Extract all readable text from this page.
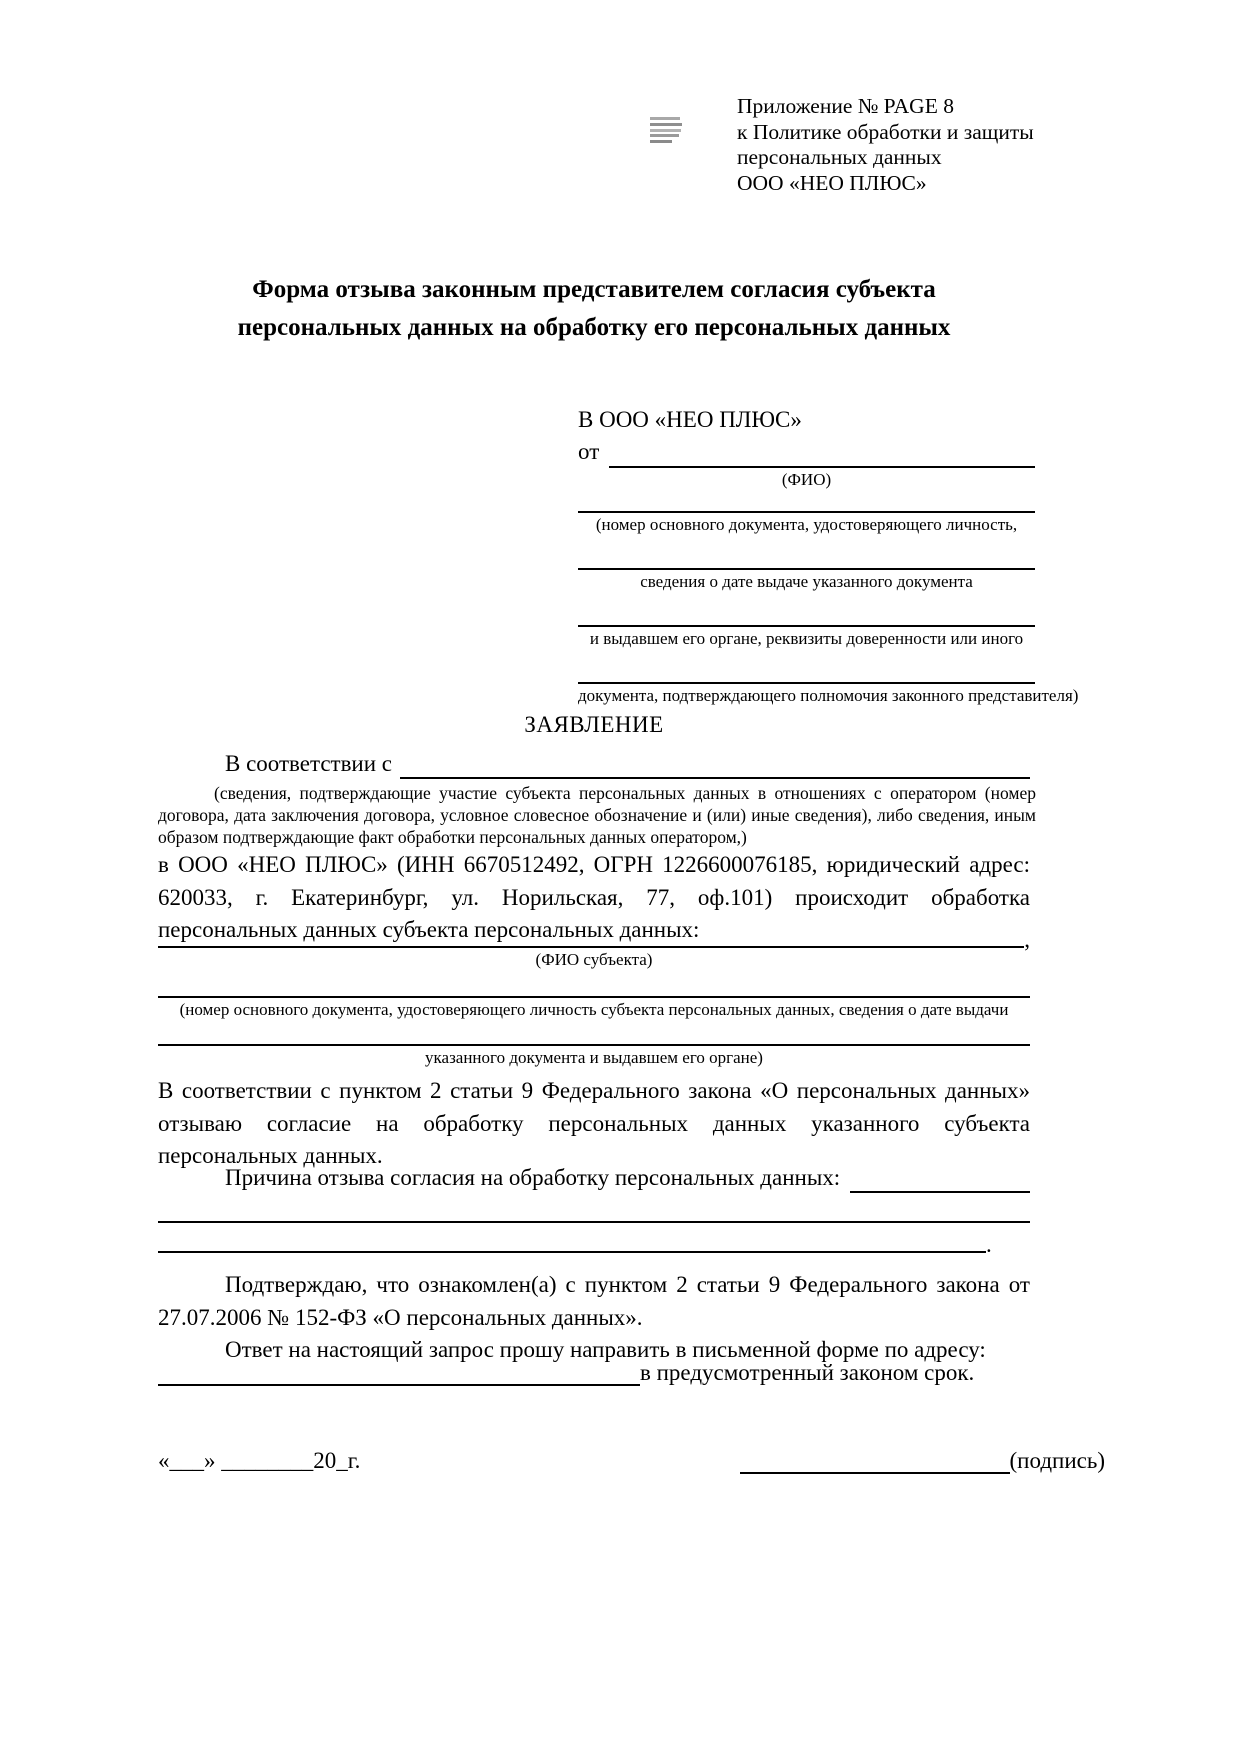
Приложение № PAGE 8
к Политике обработки и защиты
персональных данных
ООО «НЕО ПЛЮС»
Форма отзыва законным представителем согласия субъекта
персональных данных на обработку его персональных данных
В ООО «НЕО ПЛЮС»
от
(ФИО)
(номер основного документа, удостоверяющего личность,
сведения о дате выдаче указанного документа
и выдавшем его органе, реквизиты доверенности или иного
документа, подтверждающего полномочия законного представителя)
ЗАЯВЛЕНИЕ
В соответствии с
(сведения, подтверждающие участие субъекта персональных данных в отношениях с оператором (номер договора, дата заключения договора, условное словесное обозначение и (или) иные сведения), либо сведения, иным образом подтверждающие факт обработки персональных данных оператором,)
в ООО «НЕО ПЛЮС» (ИНН 6670512492, ОГРН 1226600076185, юридический адрес: 620033, г. Екатеринбург, ул. Норильская, 77, оф.101) происходит обработка персональных данных субъекта персональных данных:	,
(ФИО субъекта)
(номер основного документа, удостоверяющего личность субъекта персональных данных, сведения о дате выдачи
указанного документа и выдавшем его органе)
В соответствии с пунктом 2 статьи 9 Федерального закона «О персональных данных» отзываю согласие на обработку персональных данных указанного субъекта персональных данных.
Причина отзыва согласия на обработку персональных данных:
.
Подтверждаю, что ознакомлен(а) с пунктом 2 статьи 9 Федерального закона от 27.07.2006 № 152-ФЗ «О персональных данных».
Ответ на настоящий запрос прошу направить в письменной форме по адресу:
в предусмотренный законом срок.
«___» ________20_г.	(подпись)
